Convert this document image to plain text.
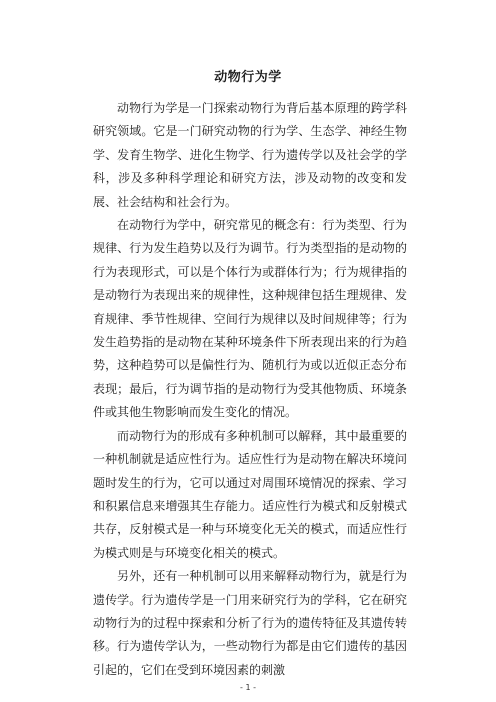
动物行为学

动物行为学是一门探索动物行为背后基本原理的跨学科研究领域。它是一门研究动物的行为学、生态学、神经生物学、发育生物学、进化生物学、行为遗传学以及社会学的学科，涉及多种科学理论和研究方法，涉及动物的改变和发展、社会结构和社会行为。

在动物行为学中，研究常见的概念有：行为类型、行为规律、行为发生趋势以及行为调节。行为类型指的是动物的行为表现形式，可以是个体行为或群体行为；行为规律指的是动物行为表现出来的规律性，这种规律包括生理规律、发育规律、季节性规律、空间行为规律以及时间规律等；行为发生趋势指的是动物在某种环境条件下所表现出来的行为趋势，这种趋势可以是偏性行为、随机行为或以近似正态分布表现；最后，行为调节指的是动物行为受其他物质、环境条件或其他生物影响而发生变化的情况。

而动物行为的形成有多种机制可以解释，其中最重要的一种机制就是适应性行为。适应性行为是动物在解决环境问题时发生的行为，它可以通过对周围环境情况的探索、学习和积累信息来增强其生存能力。适应性行为模式和反射模式共存，反射模式是一种与环境变化无关的模式，而适应性行为模式则是与环境变化相关的模式。

另外，还有一种机制可以用来解释动物行为，就是行为遗传学。行为遗传学是一门用来研究行为的学科，它在研究动物行为的过程中探索和分析了行为的遗传特征及其遗传转移。行为遗传学认为，一些动物行为都是由它们遗传的基因引起的，它们在受到环境因素的刺激

- 1 -
